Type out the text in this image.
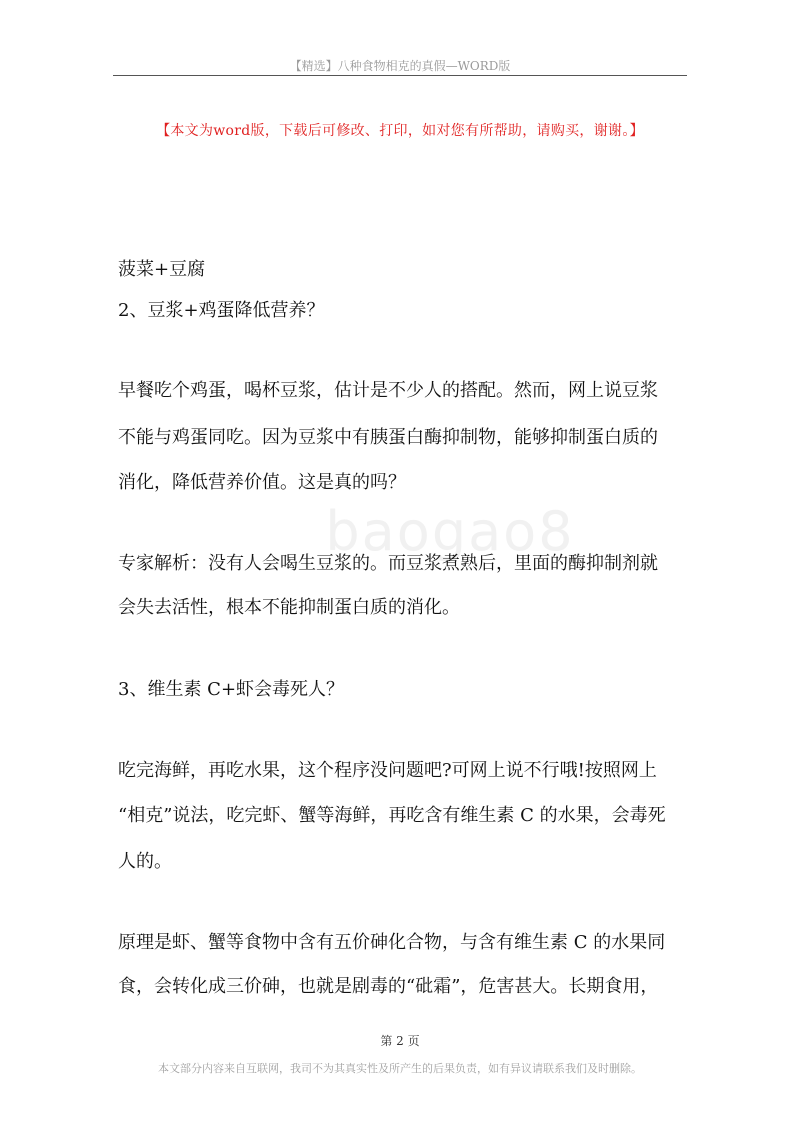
【精选】八种食物相克的真假—WORD版
【本文为word版，下载后可修改、打印，如对您有所帮助，请购买，谢谢。】
baogao8
菠菜+豆腐
2、豆浆+鸡蛋降低营养？
早餐吃个鸡蛋，喝杯豆浆，估计是不少人的搭配。然而，网上说豆浆
不能与鸡蛋同吃。因为豆浆中有胰蛋白酶抑制物，能够抑制蛋白质的
消化，降低营养价值。这是真的吗？
专家解析：没有人会喝生豆浆的。而豆浆煮熟后，里面的酶抑制剂就
会失去活性，根本不能抑制蛋白质的消化。
3、维生素 C+虾会毒死人？
吃完海鲜，再吃水果，这个程序没问题吧?可网上说不行哦!按照网上
“相克”说法，吃完虾、蟹等海鲜，再吃含有维生素 C 的水果，会毒死
人的。
原理是虾、蟹等食物中含有五价砷化合物，与含有维生素 C 的水果同
食，会转化成三价砷，也就是剧毒的“砒霜”，危害甚大。长期食用，
第 2 页
本文部分内容来自互联网，我司不为其真实性及所产生的后果负责，如有异议请联系我们及时删除。
